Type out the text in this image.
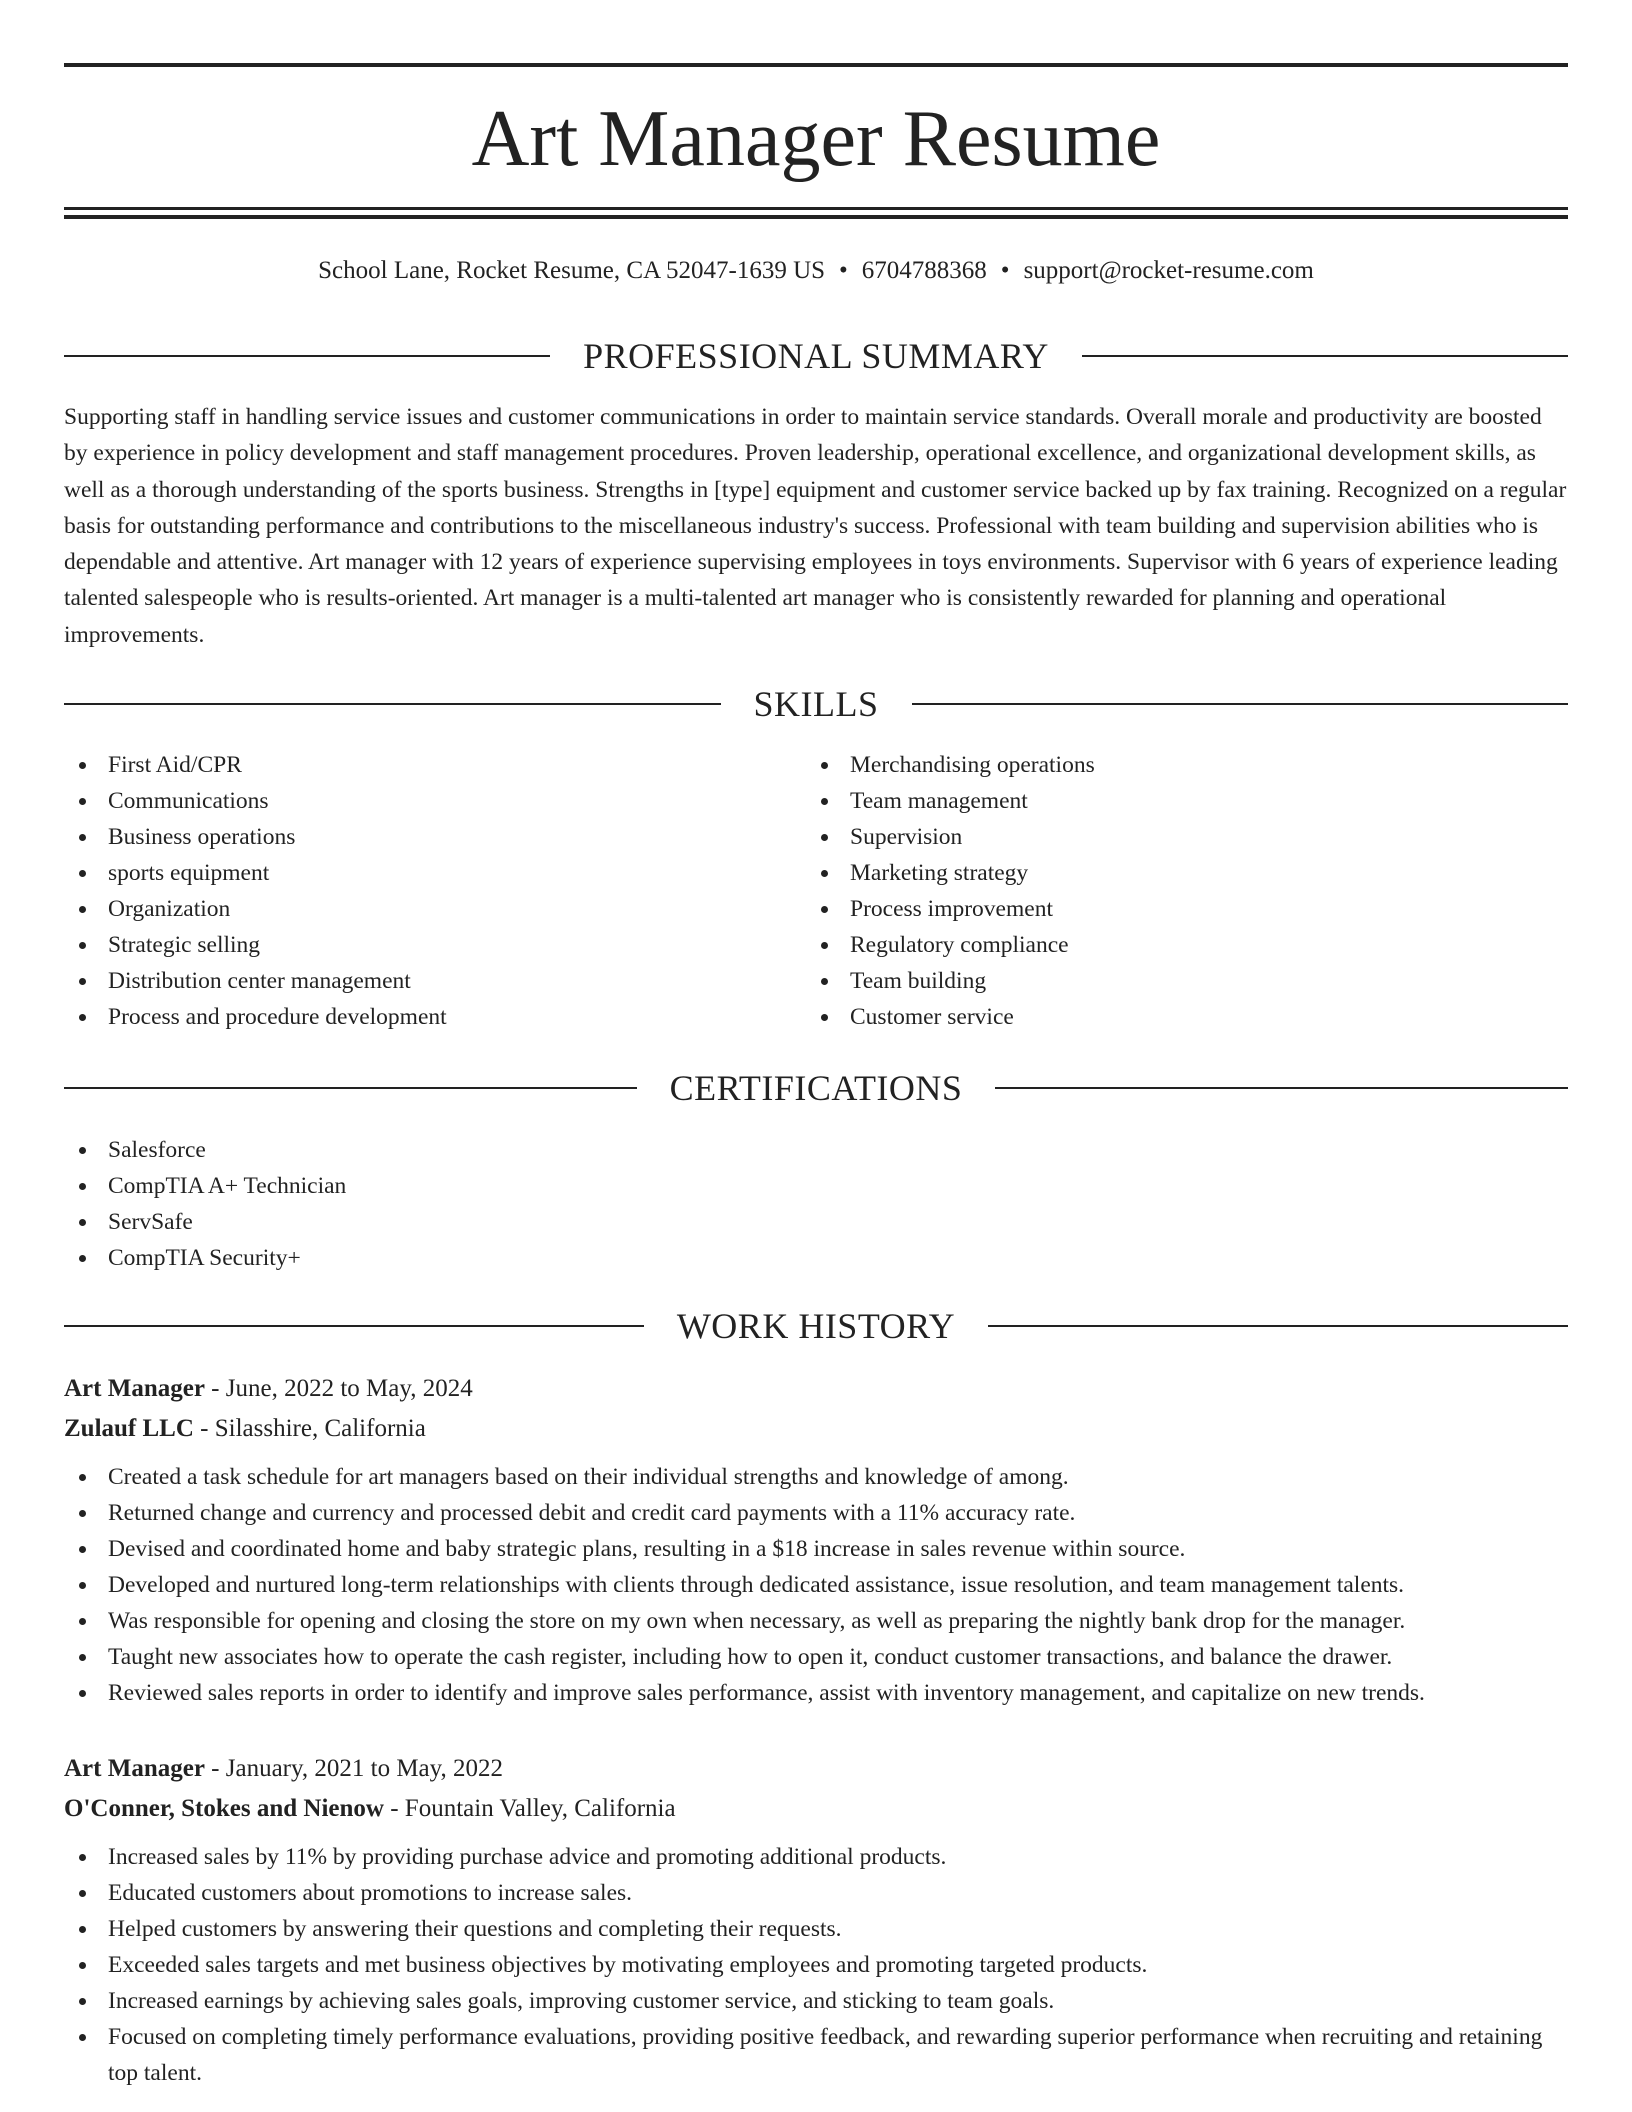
Art Manager Resume
School Lane, Rocket Resume, CA 52047-1639 US • 6704788368 • support@rocket-resume.com
PROFESSIONAL SUMMARY

Supporting staff in handling service issues and customer communications in order to maintain service standards. Overall morale and productivity are boosted by experience in policy development and staff management procedures. Proven leadership, operational excellence, and organizational development skills, as well as a thorough understanding of the sports business. Strengths in [type] equipment and customer service backed up by fax training. Recognized on a regular basis for outstanding performance and contributions to the miscellaneous industry's success. Professional with team building and supervision abilities who is dependable and attentive. Art manager with 12 years of experience supervising employees in toys environments. Supervisor with 6 years of experience leading talented salespeople who is results-oriented. Art manager is a multi-talented art manager who is consistently rewarded for planning and operational improvements.

SKILLS
First Aid/CPR
Communications
Business operations
sports equipment
Organization
Strategic selling
Distribution center management
Process and procedure development
Merchandising operations
Team management
Supervision
Marketing strategy
Process improvement
Regulatory compliance
Team building
Customer service
CERTIFICATIONS
Salesforce
CompTIA A+ Technician
ServSafe
CompTIA Security+
WORK HISTORY
Art Manager - June, 2022 to May, 2024
Zulauf LLC - Silasshire, California
Created a task schedule for art managers based on their individual strengths and knowledge of among.
Returned change and currency and processed debit and credit card payments with a 11% accuracy rate.
Devised and coordinated home and baby strategic plans, resulting in a $18 increase in sales revenue within source.
Developed and nurtured long-term relationships with clients through dedicated assistance, issue resolution, and team management talents.
Was responsible for opening and closing the store on my own when necessary, as well as preparing the nightly bank drop for the manager.
Taught new associates how to operate the cash register, including how to open it, conduct customer transactions, and balance the drawer.
Reviewed sales reports in order to identify and improve sales performance, assist with inventory management, and capitalize on new trends.
Art Manager - January, 2021 to May, 2022
O'Conner, Stokes and Nienow - Fountain Valley, California
Increased sales by 11% by providing purchase advice and promoting additional products.
Educated customers about promotions to increase sales.
Helped customers by answering their questions and completing their requests.
Exceeded sales targets and met business objectives by motivating employees and promoting targeted products.
Increased earnings by achieving sales goals, improving customer service, and sticking to team goals.
Focused on completing timely performance evaluations, providing positive feedback, and rewarding superior performance when recruiting and retaining top talent.
